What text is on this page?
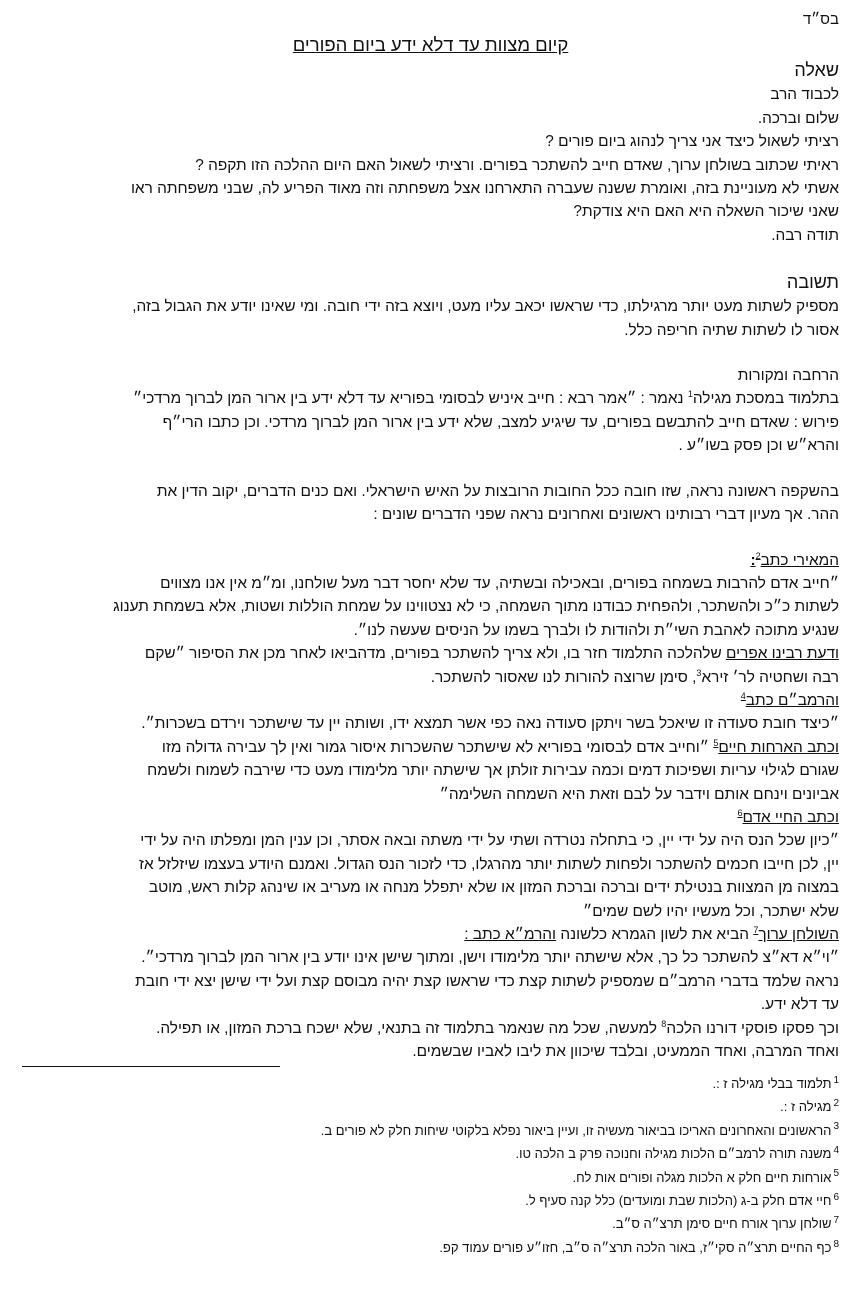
בס״ד

קיום מצוות עד דלא ידע ביום הפורים

שאלה

לכבוד הרב

שלום וברכה.

רציתי לשאול כיצד אני צריך לנהוג ביום פורים ?

ראיתי שכתוב בשולחן ערוך, שאדם חייב להשתכר בפורים. ורציתי לשאול האם היום ההלכה הזו תקפה ?

אשתי לא מעוניינת בזה, ואומרת ששנה שעברה התארחנו אצל משפחתה וזה מאוד הפריע לה, שבני משפחתה ראו

שאני שיכור השאלה היא האם היא צודקת?

תודה רבה.

תשובה

מספיק לשתות מעט יותר מרגילתו, כדי שראשו יכאב עליו מעט, ויוצא בזה ידי חובה. ומי שאינו יודע את הגבול בזה,

אסור לו לשתות שתיה חריפה כלל.

הרחבה ומקורות

בתלמוד במסכת מגילה$^1$ נאמר : ״אמר רבא : חייב איניש לבסומי בפוריא עד דלא ידע בין ארור המן לברוך מרדכי״

פירוש : שאדם חייב להתבשם בפורים, עד שיגיע למצב, שלא ידע בין ארור המן לברוך מרדכי. וכן כתבו הרי״ף

והרא״ש וכן פסק בשו״ע .

בהשקפה ראשונה נראה, שזו חובה ככל החובות הרובצות על האיש הישראלי. ואם כנים הדברים, יקוב הדין את

ההר. אך מעיון דברי רבותינו ראשונים ואחרונים נראה שפני הדברים שונים :

המאירי כתב$^2$:

״חייב אדם להרבות בשמחה בפורים, ובאכילה ובשתיה, עד שלא יחסר דבר מעל שולחנו, ומ״מ אין אנו מצווים

לשתות כ״כ ולהשתכר, ולהפחית כבודנו מתוך השמחה, כי לא נצטווינו על שמחת הוללות ושטות, אלא בשמחת תענוג

שנגיע מתוכה לאהבת השי״ת ולהודות לו ולברך בשמו על הניסים שעשה לנו״.

ודעת רבינו אפרים שלהלכה התלמוד חזר בו, ולא צריך להשתכר בפורים, מדהביאו לאחר מכן את הסיפור ״שקם

רבה ושחטיה לר׳ זירא$^3$, סימן שרוצה להורות לנו שאסור להשתכר.

והרמב״ם כתב$^4$

״כיצד חובת סעודה זו שיאכל בשר ויתקן סעודה נאה כפי אשר תמצא ידו, ושותה יין עד שישתכר וירדם בשכרות״.

וכתב הארחות חיים$^5$ ״וחייב אדם לבסומי בפוריא לא שישתכר שהשכרות איסור גמור ואין לך עבירה גדולה מזו

שגורם לגילוי עריות ושפיכות דמים וכמה עבירות זולתן אך שישתה יותר מלימודו מעט כדי שירבה לשמוח ולשמח

אביונים וינחם אותם וידבר על לבם וזאת היא השמחה השלימה״

וכתב החיי אדם$^6$

״כיון שכל הנס היה על ידי יין, כי בתחלה נטרדה ושתי על ידי משתה ובאה אסתר, וכן ענין המן ומפלתו היה על ידי

יין, לכן חייבו חכמים להשתכר ולפחות לשתות יותר מהרגלו, כדי לזכור הנס הגדול. ואמנם היודע בעצמו שיזלזל אז

במצוה מן המצוות בנטילת ידים וברכה וברכת המזון או שלא יתפלל מנחה או מעריב או שינהג קלות ראש, מוטב

שלא ישתכר, וכל מעשיו יהיו לשם שמים״

השולחן ערוך$^7$ הביא את לשון הגמרא כלשונה והרמ״א כתב :

״וי״א דא״צ להשתכר כל כך, אלא שישתה יותר מלימודו וישן, ומתוך שישן אינו יודע בין ארור המן לברוך מרדכי״.

נראה שלמד בדברי הרמב״ם שמספיק לשתות קצת כדי שראשו קצת יהיה מבוסם קצת ועל ידי שישן יצא ידי חובת

עד דלא ידע.

וכך פסקו פוסקי דורנו הלכה$^8$ למעשה, שכל מה שנאמר בתלמוד זה בתנאי, שלא ישכח ברכת המזון, או תפילה.

ואחד המרבה, ואחד הממעיט, ובלבד שיכוון את ליבו לאביו שבשמים.

$^1$תלמוד בבלי מגילה ז :.

$^2$מגילה ז :.

$^3$הראשונים והאחרונים האריכו בביאור מעשיה זו, ועיין ביאור נפלא בלקוטי שיחות חלק לא פורים ב.

$^4$משנה תורה לרמב״ם הלכות מגילה וחנוכה פרק ב הלכה טו.

$^5$אורחות חיים חלק א הלכות מגלה ופורים אות לח.

$^6$חיי אדם חלק ב-ג (הלכות שבת ומועדים) כלל קנה סעיף ל.

$^7$שולחן ערוך אורח חיים סימן תרצ״ה ס״ב.

$^8$כף החיים תרצ״ה סקי״ז, באור הלכה תרצ״ה ס״ב, חזו״ע פורים עמוד קפ.
